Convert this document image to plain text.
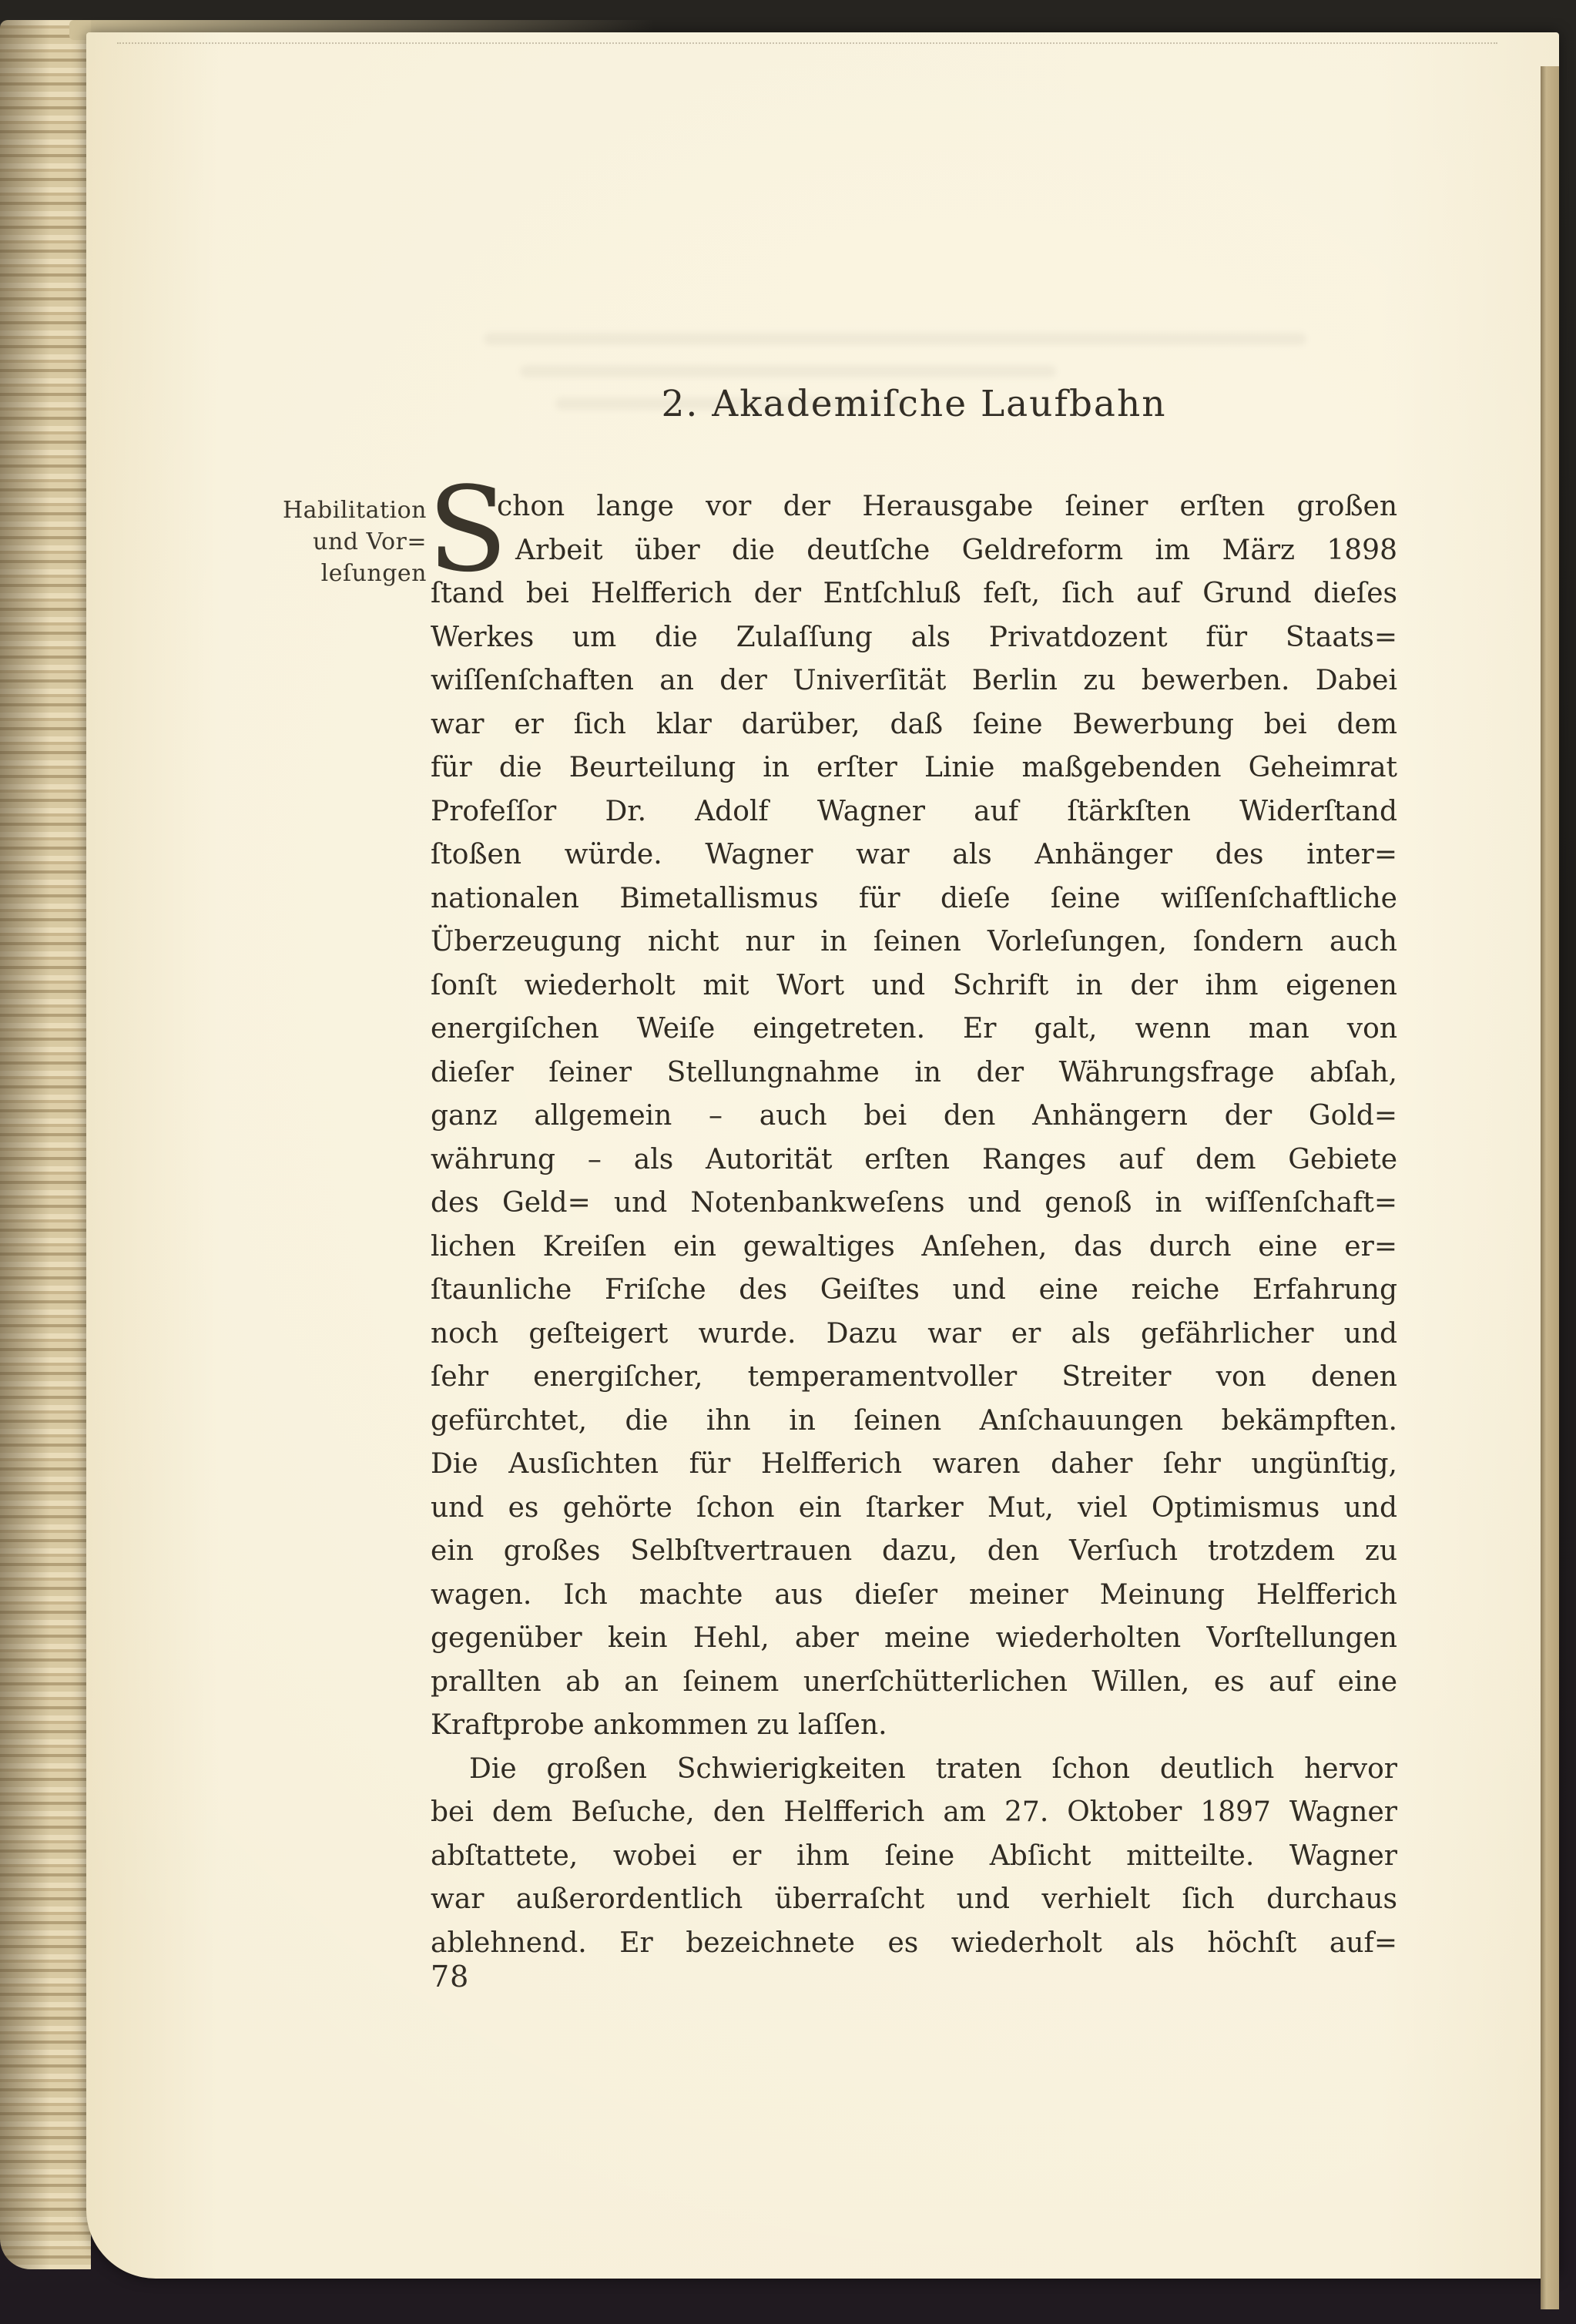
2. Akademiſche Laufbahn
Habilitation
und Vor=
leſungen S
chon lange vor der Herausgabe ſeiner erſten großen
Arbeit über die deutſche Geldreform im März 1898
ſtand bei Helfferich der Entſchluß feſt, ſich auf Grund dieſes
Werkes um die Zulaſſung als Privatdozent für Staats=
wiſſenſchaften an der Univerſität Berlin zu bewerben. Dabei
war er ſich klar darüber, daß ſeine Bewerbung bei dem
für die Beurteilung in erſter Linie maßgebenden Geheimrat
Profeſſor Dr. Adolf Wagner auf ſtärkſten Widerſtand
ſtoßen würde. Wagner war als Anhänger des inter=
nationalen Bimetallismus für dieſe ſeine wiſſenſchaftliche
Überzeugung nicht nur in ſeinen Vorleſungen, ſondern auch
ſonſt wiederholt mit Wort und Schrift in der ihm eigenen
energiſchen Weiſe eingetreten. Er galt, wenn man von
dieſer ſeiner Stellungnahme in der Währungsfrage abſah,
ganz allgemein – auch bei den Anhängern der Gold=
währung – als Autorität erſten Ranges auf dem Gebiete
des Geld= und Notenbankweſens und genoß in wiſſenſchaft=
lichen Kreiſen ein gewaltiges Anſehen, das durch eine er=
ſtaunliche Friſche des Geiſtes und eine reiche Erfahrung
noch geſteigert wurde. Dazu war er als gefährlicher und
ſehr energiſcher, temperamentvoller Streiter von denen
gefürchtet, die ihn in ſeinen Anſchauungen bekämpften.
Die Ausſichten für Helfferich waren daher ſehr ungünſtig,
und es gehörte ſchon ein ſtarker Mut, viel Optimismus und
ein großes Selbſtvertrauen dazu, den Verſuch trotzdem zu
wagen. Ich machte aus dieſer meiner Meinung Helfferich
gegenüber kein Hehl, aber meine wiederholten Vorſtellungen
prallten ab an ſeinem unerſchütterlichen Willen, es auf eine
Kraftprobe ankommen zu laſſen.
Die großen Schwierigkeiten traten ſchon deutlich hervor
bei dem Beſuche, den Helfferich am 27. Oktober 1897 Wagner
abſtattete, wobei er ihm ſeine Abſicht mitteilte. Wagner
war außerordentlich überraſcht und verhielt ſich durchaus
ablehnend. Er bezeichnete es wiederholt als höchſt auf=
78
